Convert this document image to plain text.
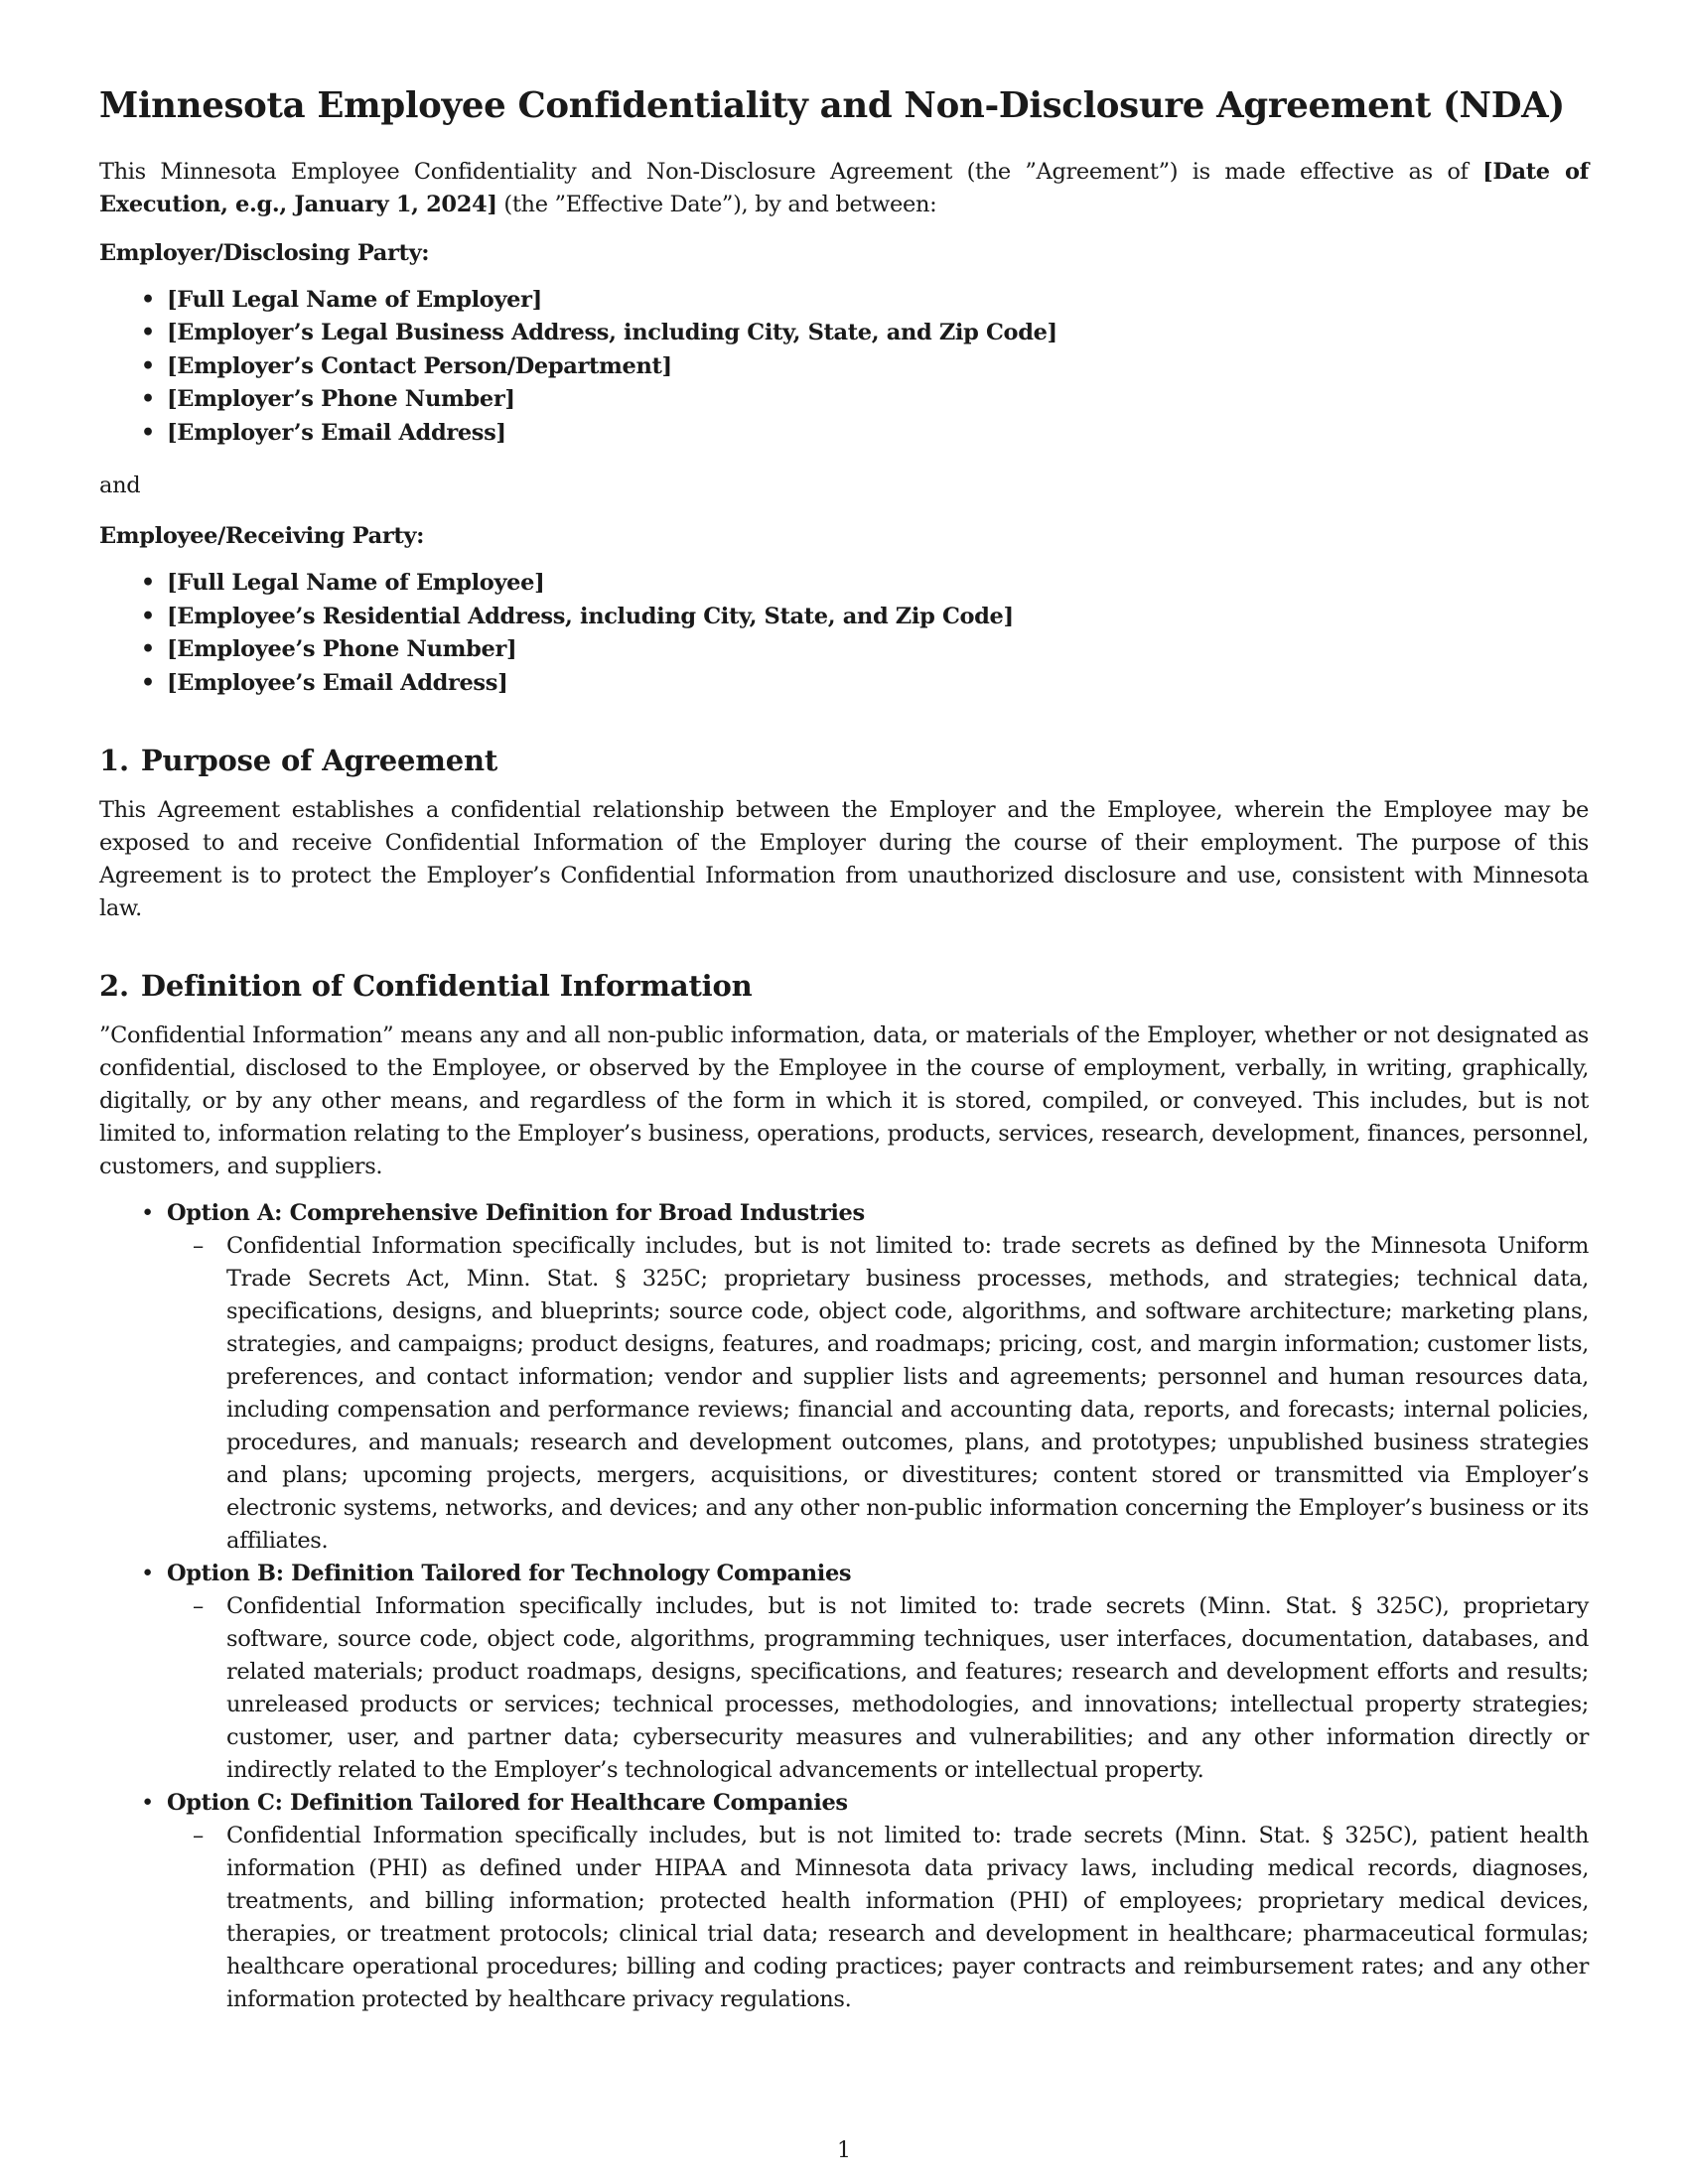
Minnesota Employee Confidentiality and Non-Disclosure Agreement (NDA)

This Minnesota Employee Confidentiality and Non-Disclosure Agreement (the ”Agreement”) is made effective as of [Date of Execution, e.g., January 1, 2024] (the ”Effective Date”), by and between:

Employer/Disclosing Party:

• [Full Legal Name of Employer]
• [Employer’s Legal Business Address, including City, State, and Zip Code]
• [Employer’s Contact Person/Department]
• [Employer’s Phone Number]
• [Employer’s Email Address]

and

Employee/Receiving Party:

• [Full Legal Name of Employee]
• [Employee’s Residential Address, including City, State, and Zip Code]
• [Employee’s Phone Number]
• [Employee’s Email Address]
1. Purpose of Agreement

This Agreement establishes a confidential relationship between the Employer and the Employee, wherein the Employee may be exposed to and receive Confidential Information of the Employer during the course of their employment. The purpose of this Agreement is to protect the Employer’s Confidential Information from unauthorized disclosure and use, consistent with Minnesota law.

2. Definition of Confidential Information

”Confidential Information” means any and all non-public information, data, or materials of the Employer, whether or not designated as confidential, disclosed to the Employee, or observed by the Employee in the course of employment, verbally, in writing, graphically, digitally, or by any other means, and regardless of the form in which it is stored, compiled, or conveyed. This includes, but is not limited to, information relating to the Employer’s business, operations, products, services, research, development, finances, personnel, customers, and suppliers.

• Option A: Comprehensive Definition for Broad Industries
– Confidential Information specifically includes, but is not limited to: trade secrets as defined by the Minnesota Uniform Trade Secrets Act, Minn. Stat. § 325C; proprietary business processes, methods, and strategies; technical data, specifications, designs, and blueprints; source code, object code, algorithms, and software architecture; marketing plans, strategies, and campaigns; product designs, features, and roadmaps; pricing, cost, and margin information; customer lists, preferences, and contact information; vendor and supplier lists and agreements; personnel and human resources data, including compensation and performance reviews; financial and accounting data, reports, and forecasts; internal policies, procedures, and manuals; research and development outcomes, plans, and prototypes; unpublished business strategies and plans; upcoming projects, mergers, acquisitions, or divestitures; content stored or transmitted via Employer’s electronic systems, networks, and devices; and any other non-public information concerning the Employer’s business or its affiliates.
• Option B: Definition Tailored for Technology Companies
– Confidential Information specifically includes, but is not limited to: trade secrets (Minn. Stat. § 325C), proprietary software, source code, object code, algorithms, programming techniques, user interfaces, documentation, databases, and related materials; product roadmaps, designs, specifications, and features; research and development efforts and results; unreleased products or services; technical processes, methodologies, and innovations; intellectual property strategies; customer, user, and partner data; cybersecurity measures and vulnerabilities; and any other information directly or indirectly related to the Employer’s technological advancements or intellectual property.
• Option C: Definition Tailored for Healthcare Companies
– Confidential Information specifically includes, but is not limited to: trade secrets (Minn. Stat. § 325C), patient health information (PHI) as defined under HIPAA and Minnesota data privacy laws, including medical records, diagnoses, treatments, and billing information; protected health information (PHI) of employees; proprietary medical devices, therapies, or treatment protocols; clinical trial data; research and development in healthcare; pharmaceutical formulas; healthcare operational procedures; billing and coding practices; payer contracts and reimbursement rates; and any other information protected by healthcare privacy regulations.
1
